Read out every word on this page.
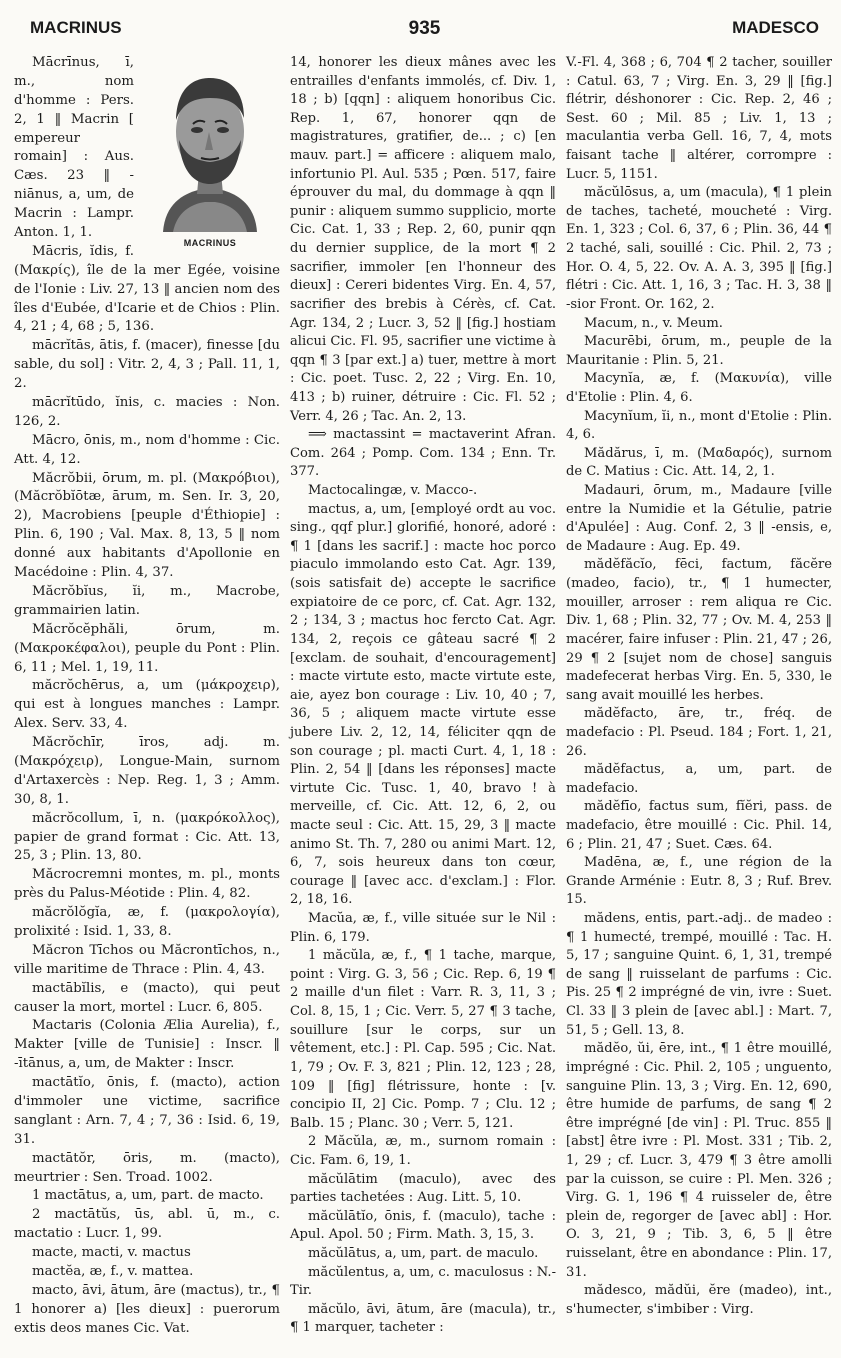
MACRINUS	935	MADESCO
MACRINUS

Mācrīnus, ī, m., nom d'homme : Pers. 2, 1 ‖ Macrin [ empereur romain] : Aus. Cæs. 23 ‖ -niānus, a, um, de Macrin : Lampr. Anton. 1, 1.

Mācris, ĭdis, f. (Μακρίς), île de la mer Egée, voisine de l'Ionie : Liv. 27, 13 ‖ ancien nom des îles d'Eubée, d'Icarie et de Chios : Plin. 4, 21 ; 4, 68 ; 5, 136.

mācrĭtās, ātis, f. (macer), finesse [du sable, du sol] : Vitr. 2, 4, 3 ; Pall. 11, 1, 2.

mācrĭtūdo, ĭnis, c. macies : Non. 126, 2.

Mācro, ōnis, m., nom d'homme : Cic. Att. 4, 12.

Măcrŏbii, ōrum, m. pl. (Μακρόβιοι), (Măcrŏbĭōtæ, ārum, m. Sen. Ir. 3, 20, 2), Macrobiens [peuple d'Éthiopie] : Plin. 6, 190 ; Val. Max. 8, 13, 5 ‖ nom donné aux habitants d'Apollonie en Macédoine : Plin. 4, 37.

Măcrŏbĭus, ĭi, m., Macrobe, grammairien latin.

Măcrŏcĕphăli, ōrum, m. (Μακροκέφαλοι), peuple du Pont : Plin. 6, 11 ; Mel. 1, 19, 11.

măcrŏchērus, a, um (μάκροχειρ), qui est à longues manches : Lampr. Alex. Serv. 33, 4.

Măcrŏchīr, īros, adj. m. (Μακρόχειρ), Longue-Main, surnom d'Artaxercès : Nep. Reg. 1, 3 ; Amm. 30, 8, 1.

măcrŏcollum, ī, n. (μακρόκολλος), papier de grand format : Cic. Att. 13, 25, 3 ; Plin. 13, 80.

Măcrocremni montes, m. pl., monts près du Palus-Méotide : Plin. 4, 82.

măcrŏlŏgĭa, æ, f. (μακρολογία), prolixité : Isid. 1, 33, 8.

Măcron Tīchos ou Măcrontīchos, n., ville maritime de Thrace : Plin. 4, 43.

mactābĭlis, e (macto), qui peut causer la mort, mortel : Lucr. 6, 805.

Mactaris (Colonia Ælia Aurelia), f., Makter [ville de Tunisie] : Inscr. ‖ -ītānus, a, um, de Makter : Inscr.

mactātĭo, ōnis, f. (macto), action d'immoler une victime, sacrifice sanglant : Arn. 7, 4 ; 7, 36 : Isid. 6, 19, 31.

mactātŏr, ōris, m. (macto), meurtrier : Sen. Troad. 1002.

1 mactātus, a, um, part. de macto.

2 mactātŭs, ūs, abl. ū, m., c. mactatio : Lucr. 1, 99.

macte, macti, v. mactus

mactĕa, æ, f., v. mattea.

macto, āvi, ātum, āre (mactus), tr., ¶ 1 honorer a) [les dieux] : puerorum extis deos manes Cic. Vat.

14, honorer les dieux mânes avec les entrailles d'enfants immolés, cf. Div. 1, 18 ; b) [qqn] : aliquem honoribus Cic. Rep. 1, 67, honorer qqn de magistratures, gratifier, de... ; c) [en mauv. part.] = afficere : aliquem malo, infortunio Pl. Aul. 535 ; Pœn. 517, faire éprouver du mal, du dommage à qqn ‖ punir : aliquem summo supplicio, morte Cic. Cat. 1, 33 ; Rep. 2, 60, punir qqn du dernier supplice, de la mort ¶ 2 sacrifier, immoler [en l'honneur des dieux] : Cereri bidentes Virg. En. 4, 57, sacrifier des brebis à Cérès, cf. Cat. Agr. 134, 2 ; Lucr. 3, 52 ‖ [fig.] hostiam alicui Cic. Fl. 95, sacrifier une victime à qqn ¶ 3 [par ext.] a) tuer, mettre à mort : Cic. poet. Tusc. 2, 22 ; Virg. En. 10, 413 ; b) ruiner, détruire : Cic. Fl. 52 ; Verr. 4, 26 ; Tac. An. 2, 13.

⟹ mactassint = mactaverint Afran. Com. 264 ; Pomp. Com. 134 ; Enn. Tr. 377.

Mactocalingæ, v. Macco-.

mactus, a, um, [employé ordt au voc. sing., qqf plur.] glorifié, honoré, adoré : ¶ 1 [dans les sacrif.] : macte hoc porco piaculo immolando esto Cat. Agr. 139, (sois satisfait de) accepte le sacrifice expiatoire de ce porc, cf. Cat. Agr. 132, 2 ; 134, 3 ; mactus hoc fercto Cat. Agr. 134, 2, reçois ce gâteau sacré ¶ 2 [exclam. de souhait, d'encouragement] : macte virtute esto, macte virtute este, aie, ayez bon courage : Liv. 10, 40 ; 7, 36, 5 ; aliquem macte virtute esse jubere Liv. 2, 12, 14, féliciter qqn de son courage ; pl. macti Curt. 4, 1, 18 : Plin. 2, 54 ‖ [dans les réponses] macte virtute Cic. Tusc. 1, 40, bravo ! à merveille, cf. Cic. Att. 12, 6, 2, ou macte seul : Cic. Att. 15, 29, 3 ‖ macte animo St. Th. 7, 280 ou animi Mart. 12, 6, 7, sois heureux dans ton cœur, courage ‖ [avec acc. d'exclam.] : Flor. 2, 18, 16.

Macŭa, æ, f., ville située sur le Nil : Plin. 6, 179.

1 măcŭla, æ, f., ¶ 1 tache, marque, point : Virg. G. 3, 56 ; Cic. Rep. 6, 19 ¶ 2 maille d'un filet : Varr. R. 3, 11, 3 ; Col. 8, 15, 1 ; Cic. Verr. 5, 27 ¶ 3 tache, souillure [sur le corps, sur un vêtement, etc.] : Pl. Cap. 595 ; Cic. Nat. 1, 79 ; Ov. F. 3, 821 ; Plin. 12, 123 ; 28, 109 ‖ [fig] flétrissure, honte : [v. concipio II, 2] Cic. Pomp. 7 ; Clu. 12 ; Balb. 15 ; Planc. 30 ; Verr. 5, 121.

2 Măcŭla, æ, m., surnom romain : Cic. Fam. 6, 19, 1.

măcŭlātim (maculo), avec des parties tachetées : Aug. Litt. 5, 10.

măcŭlātĭo, ōnis, f. (maculo), tache : Apul. Apol. 50 ; Firm. Math. 3, 15, 3.

măcŭlātus, a, um, part. de maculo.

măcŭlentus, a, um, c. maculosus : N.-Tir.

măcŭlo, āvi, ātum, āre (macula), tr., ¶ 1 marquer, tacheter :

V.-Fl. 4, 368 ; 6, 704 ¶ 2 tacher, souiller : Catul. 63, 7 ; Virg. En. 3, 29 ‖ [fig.] flétrir, déshonorer : Cic. Rep. 2, 46 ; Sest. 60 ; Mil. 85 ; Liv. 1, 13 ; maculantia verba Gell. 16, 7, 4, mots faisant tache ‖ altérer, corrompre : Lucr. 5, 1151.

măcŭlōsus, a, um (macula), ¶ 1 plein de taches, tacheté, moucheté : Virg. En. 1, 323 ; Col. 6, 37, 6 ; Plin. 36, 44 ¶ 2 taché, sali, souillé : Cic. Phil. 2, 73 ; Hor. O. 4, 5, 22. Ov. A. A. 3, 395 ‖ [fig.] flétri : Cic. Att. 1, 16, 3 ; Tac. H. 3, 38 ‖ -sior Front. Or. 162, 2.

Macum, n., v. Meum.

Macurēbi, ōrum, m., peuple de la Mauritanie : Plin. 5, 21.

Macynĭa, æ, f. (Μακυνία), ville d'Etolie : Plin. 4, 6.

Macynĭum, ĭi, n., mont d'Etolie : Plin. 4, 6.

Mădărus, ī, m. (Μαδαρός), surnom de C. Matius : Cic. Att. 14, 2, 1.

Madauri, ōrum, m., Madaure [ville entre la Numidie et la Gétulie, patrie d'Apulée] : Aug. Conf. 2, 3 ‖ -ensis, e, de Madaure : Aug. Ep. 49.

mădĕfăcĭo, fēci, factum, făcĕre (madeo, facio), tr., ¶ 1 humecter, mouiller, arroser : rem aliqua re Cic. Div. 1, 68 ; Plin. 32, 77 ; Ov. M. 4, 253 ‖ macérer, faire infuser : Plin. 21, 47 ; 26, 29 ¶ 2 [sujet nom de chose] sanguis madefecerat herbas Virg. En. 5, 330, le sang avait mouillé les herbes.

mădĕfacto, āre, tr., fréq. de madefacio : Pl. Pseud. 184 ; Fort. 1, 21, 26.

mădĕfactus, a, um, part. de madefacio.

mădĕfīo, factus sum, fĭĕri, pass. de madefacio, être mouillé : Cic. Phil. 14, 6 ; Plin. 21, 47 ; Suet. Cæs. 64.

Madēna, æ, f., une région de la Grande Arménie : Eutr. 8, 3 ; Ruf. Brev. 15.

mădens, entis, part.-adj.. de madeo : ¶ 1 humecté, trempé, mouillé : Tac. H. 5, 17 ; sanguine Quint. 6, 1, 31, trempé de sang ‖ ruisselant de parfums : Cic. Pis. 25 ¶ 2 imprégné de vin, ivre : Suet. Cl. 33 ‖ 3 plein de [avec abl.] : Mart. 7, 51, 5 ; Gell. 13, 8.

mădĕo, ŭi, ēre, int., ¶ 1 être mouillé, imprégné : Cic. Phil. 2, 105 ; unguento, sanguine Plin. 13, 3 ; Virg. En. 12, 690, être humide de parfums, de sang ¶ 2 être imprégné [de vin] : Pl. Truc. 855 ‖ [abst] être ivre : Pl. Most. 331 ; Tib. 2, 1, 29 ; cf. Lucr. 3, 479 ¶ 3 être amolli par la cuisson, se cuire : Pl. Men. 326 ; Virg. G. 1, 196 ¶ 4 ruisseler de, être plein de, regorger de [avec abl] : Hor. O. 3, 21, 9 ; Tib. 3, 6, 5 ‖ être ruisselant, être en abondance : Plin. 17, 31.

mădesco, mădŭi, ĕre (madeo), int., s'humecter, s'imbiber : Virg.
